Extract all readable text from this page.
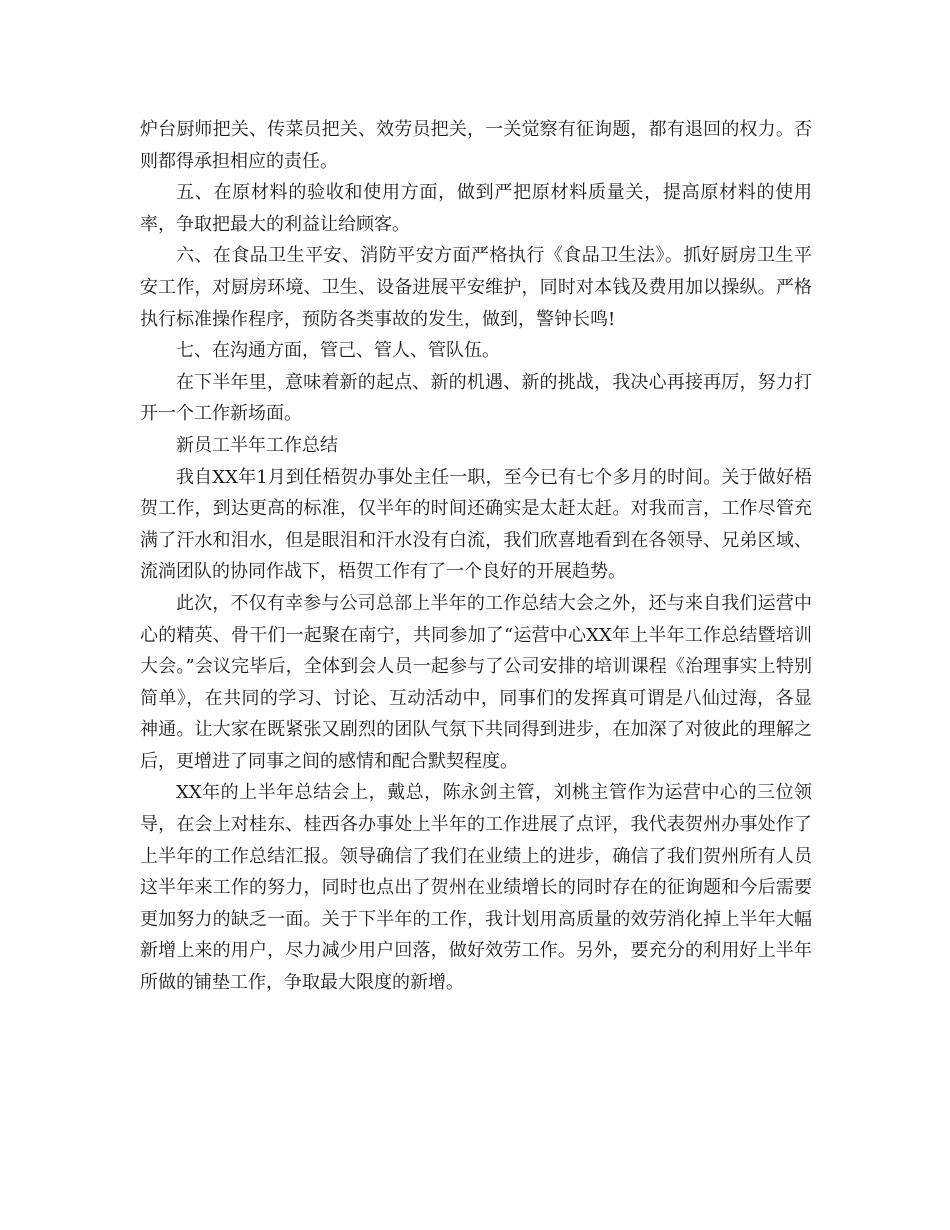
炉台厨师把关、传菜员把关、效劳员把关，一关觉察有征询题，都有退回的权力。否则都得承担相应的责任。

五、在原材料的验收和使用方面，做到严把原材料质量关，提高原材料的使用率，争取把最大的利益让给顾客。

六、在食品卫生平安、消防平安方面严格执行《食品卫生法》。抓好厨房卫生平安工作，对厨房环境、卫生、设备进展平安维护，同时对本钱及费用加以操纵。严格执行标准操作程序，预防各类事故的发生，做到，警钟长鸣!

七、在沟通方面，管己、管人、管队伍。

在下半年里，意味着新的起点、新的机遇、新的挑战，我决心再接再厉，努力打开一个工作新场面。

新员工半年工作总结

我自XX年1月到任梧贺办事处主任一职，至今已有七个多月的时间。关于做好梧贺工作，到达更高的标准，仅半年的时间还确实是太赶太赶。对我而言，工作尽管充满了汗水和泪水，但是眼泪和汗水没有白流，我们欣喜地看到在各领导、兄弟区域、流淌团队的协同作战下，梧贺工作有了一个良好的开展趋势。

此次，不仅有幸参与公司总部上半年的工作总结大会之外，还与来自我们运营中心的精英、骨干们一起聚在南宁，共同参加了“运营中心XX年上半年工作总结暨培训大会。”会议完毕后，全体到会人员一起参与了公司安排的培训课程《治理事实上特别简单》，在共同的学习、讨论、互动活动中，同事们的发挥真可谓是八仙过海，各显神通。让大家在既紧张又剧烈的团队气氛下共同得到进步，在加深了对彼此的理解之后，更增进了同事之间的感情和配合默契程度。

XX年的上半年总结会上，戴总，陈永剑主管，刘桃主管作为运营中心的三位领导，在会上对桂东、桂西各办事处上半年的工作进展了点评，我代表贺州办事处作了上半年的工作总结汇报。领导确信了我们在业绩上的进步，确信了我们贺州所有人员这半年来工作的努力，同时也点出了贺州在业绩增长的同时存在的征询题和今后需要更加努力的缺乏一面。关于下半年的工作，我计划用高质量的效劳消化掉上半年大幅新增上来的用户，尽力减少用户回落，做好效劳工作。另外，要充分的利用好上半年所做的铺垫工作，争取最大限度的新增。
